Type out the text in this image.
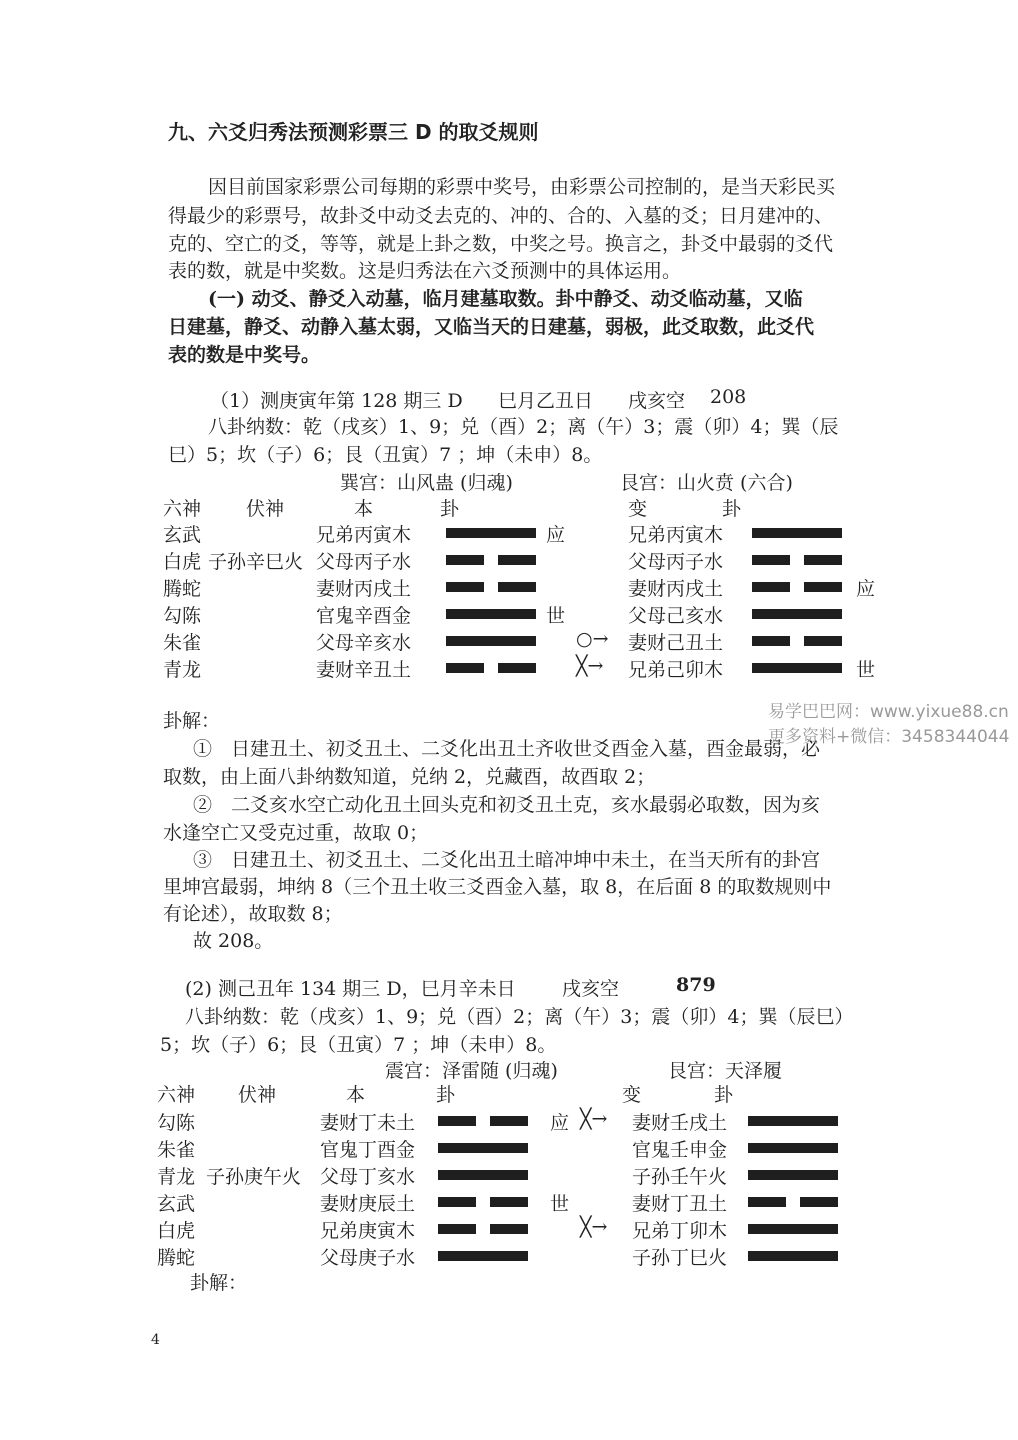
九、六爻归秀法预测彩票三 D 的取爻规则
因目前国家彩票公司每期的彩票中奖号，由彩票公司控制的，是当天彩民买
得最少的彩票号，故卦爻中动爻去克的、冲的、合的、入墓的爻；日月建冲的、
克的、空亡的爻，等等，就是上卦之数，中奖之号。换言之，卦爻中最弱的爻代
表的数，就是中奖数。这是归秀法在六爻预测中的具体运用。
(一) 动爻、静爻入动墓，临月建墓取数。卦中静爻、动爻临动墓，又临
日建墓，静爻、动静入墓太弱，又临当天的日建墓，弱极，此爻取数，此爻代
表的数是中奖号。
（1）测庚寅年第 128 期三 D 巳月乙丑日 戌亥空 208
八卦纳数：乾（戌亥）1、9；兑（酉）2；离（午）3；震（卯）4；巽（辰
巳）5；坎（子）6；艮（丑寅）7 ；坤（未申）8。
巽宫：山风蛊 (归魂)	艮宫：山火贲 (六合)
六神 伏神	本	卦	变	卦
玄武	兄弟丙寅木	应	兄弟丙寅木
白虎 子孙辛巳火 父母丙子水	父母丙子水
腾蛇	妻财丙戌土	妻财丙戌土	应
勾陈	官鬼辛酉金	世	父母己亥水
朱雀	父母辛亥水	○→ 妻财己丑土
青龙	妻财辛丑土	╳→ 兄弟己卯木	世
卦解：
①　日建丑土、初爻丑土、二爻化出丑土齐收世爻酉金入墓，酉金最弱，必
取数，由上面八卦纳数知道，兑纳 2，兑藏酉，故酉取 2；
②　二爻亥水空亡动化丑土回头克和初爻丑土克，亥水最弱必取数，因为亥
水逢空亡又受克过重，故取 0；
③　日建丑土、初爻丑土、二爻化出丑土暗冲坤中未土，在当天所有的卦宫
里坤宫最弱，坤纳 8（三个丑土收三爻酉金入墓，取 8，在后面 8 的取数规则中
有论述），故取数 8；
故 208。
(2) 测己丑年 134 期三 D，巳月辛未日 戌亥空	879
八卦纳数：乾（戌亥）1、9；兑（酉）2；离（午）3；震（卯）4；巽（辰巳）
5；坎（子）6；艮（丑寅）7 ；坤（未申）8。
震宫：泽雷随 (归魂)	艮宫：天泽履
六神 伏神	本	卦	变	卦
勾陈	妻财丁未土	应 ╳→ 妻财壬戌土
朱雀	官鬼丁酉金	官鬼壬申金
青龙 子孙庚午火 父母丁亥水	子孙壬午火
玄武	妻财庚辰土	世	妻财丁丑土
白虎	兄弟庚寅木	╳→ 兄弟丁卯木
腾蛇	父母庚子水	子孙丁巳火
卦解：
易学巴巴网：www.yixue88.cn
更多资料+微信：3458344044
4
